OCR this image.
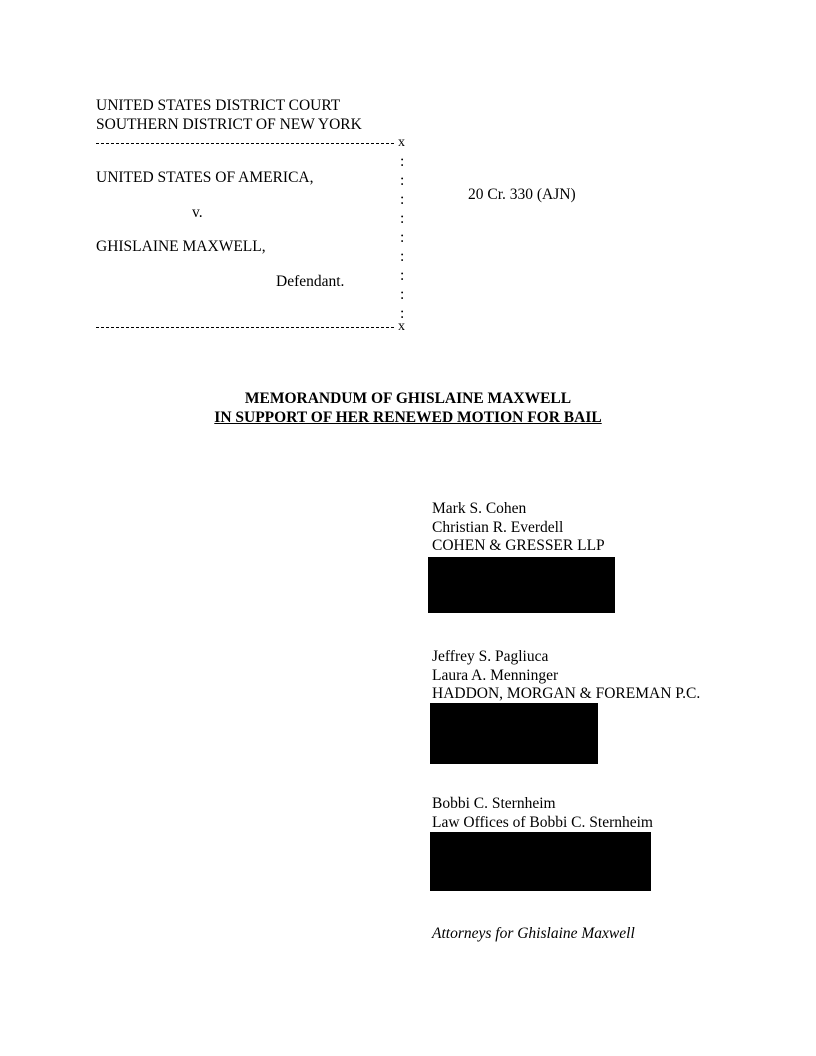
UNITED STATES DISTRICT COURT
SOUTHERN DISTRICT OF NEW YORK
x
:
:
:
:
:
:
:
:
:
UNITED STATES OF AMERICA,
v.
GHISLAINE MAXWELL,
Defendant.
20 Cr. 330 (AJN)
x
MEMORANDUM OF GHISLAINE MAXWELL
IN SUPPORT OF HER RENEWED MOTION FOR BAIL
Mark S. Cohen
Christian R. Everdell
COHEN & GRESSER LLP
Jeffrey S. Pagliuca
Laura A. Menninger
HADDON, MORGAN & FOREMAN P.C.
Bobbi C. Sternheim
Law Offices of Bobbi C. Sternheim
Attorneys for Ghislaine Maxwell
